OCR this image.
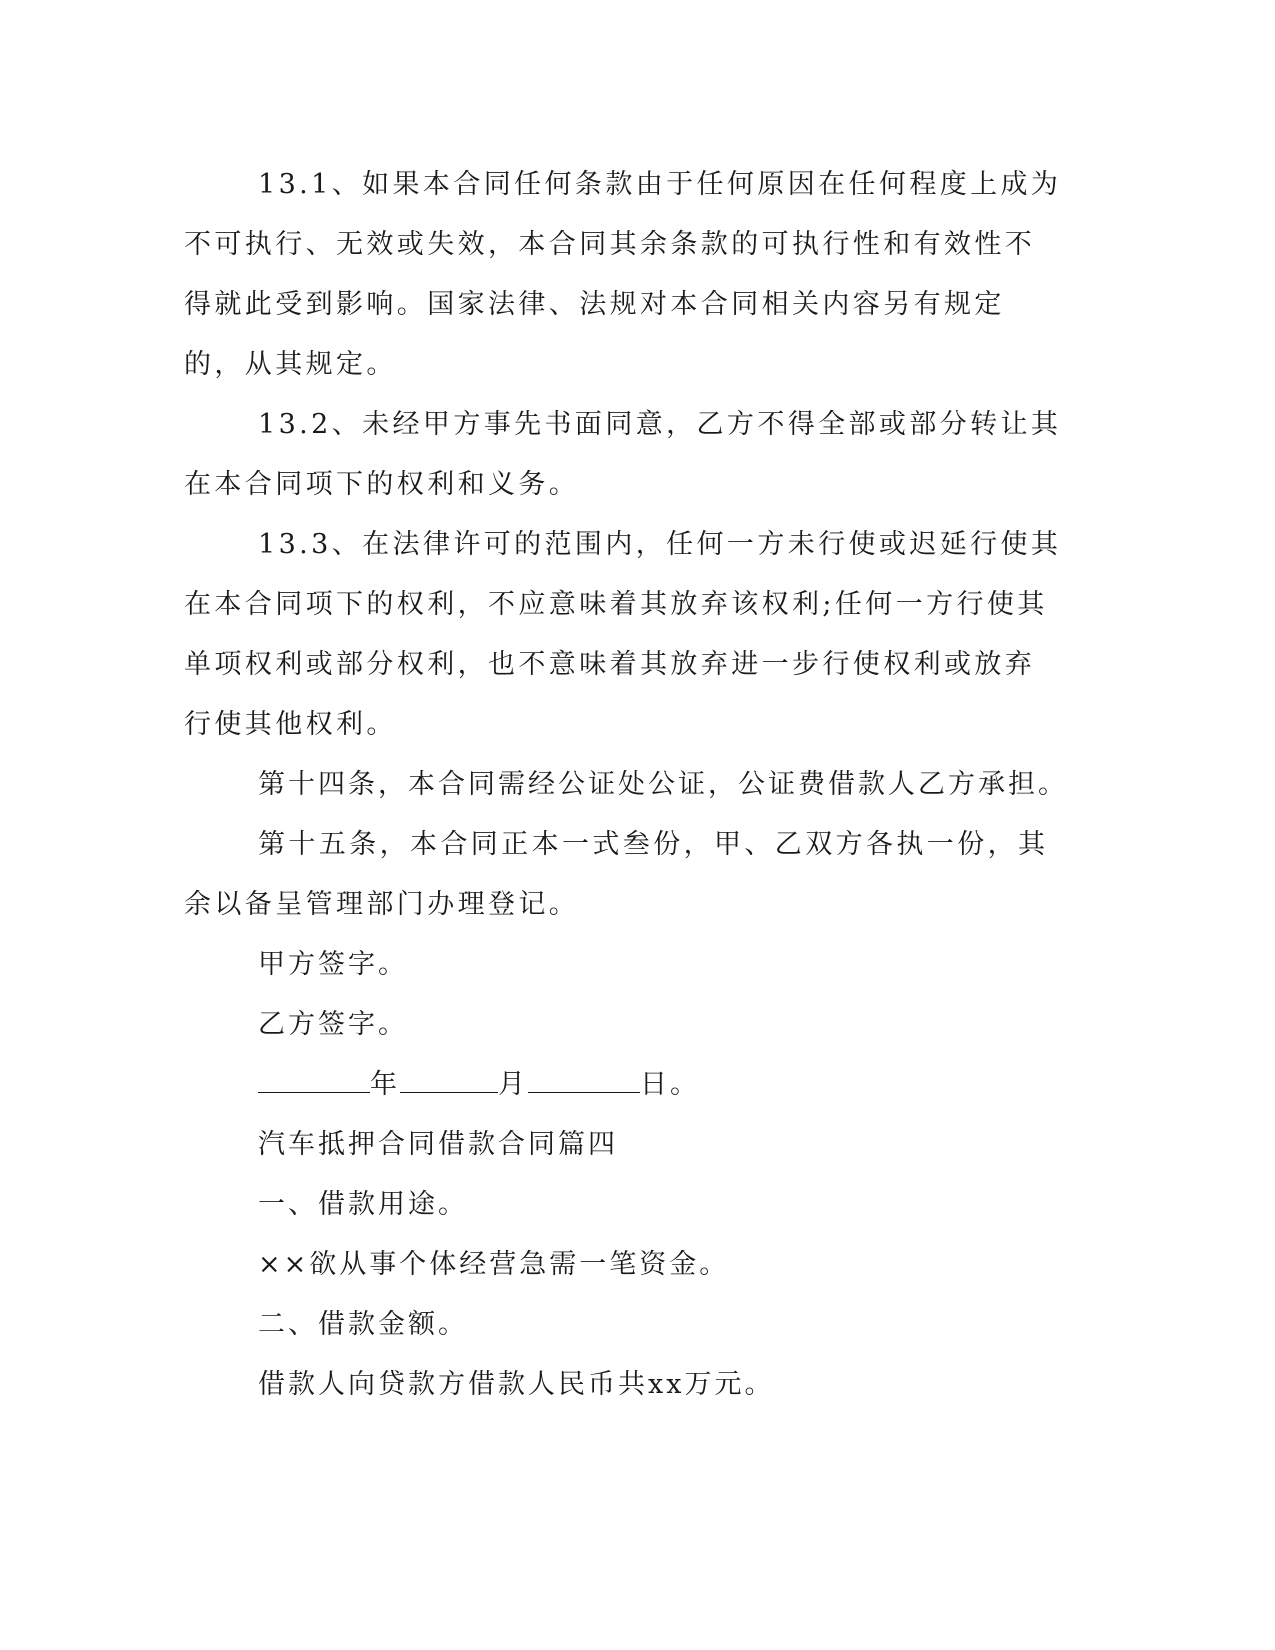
13.1、如果本合同任何条款由于任何原因在任何程度上成为不可执行、无效或失效，本合同其余条款的可执行性和有效性不得就此受到影响。国家法律、法规对本合同相关内容另有规定的，从其规定。

13.2、未经甲方事先书面同意，乙方不得全部或部分转让其在本合同项下的权利和义务。

13.3、在法律许可的范围内，任何一方未行使或迟延行使其在本合同项下的权利，不应意味着其放弃该权利;任何一方行使其单项权利或部分权利，也不意味着其放弃进一步行使权利或放弃行使其他权利。

第十四条，本合同需经公证处公证，公证费借款人乙方承担。

第十五条，本合同正本一式叁份，甲、乙双方各执一份，其余以备呈管理部门办理登记。

甲方签字。

乙方签字。

年	月	日。

汽车抵押合同借款合同篇四

一、借款用途。

××欲从事个体经营急需一笔资金。

二、借款金额。

借款人向贷款方借款人民币共xx万元。
